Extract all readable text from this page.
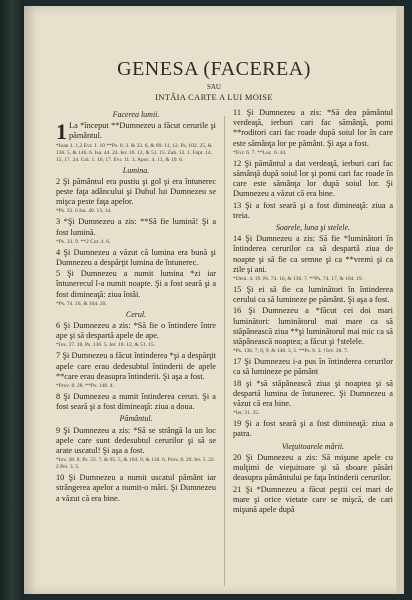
GENESA (FACEREA)
SAU
INTÂIA CARTE A LUI MOISE
Facerea lumii.

1 La *început **Dumnezeu a făcut cerurile şi pământul.

*Ioan 1. 1,2 Evr. 1. 10 **Ps. 8. 3. & 33. 6, & 89. 11, 12. Ps. 102. 25, & 136. 5, & 146. 6. Isa. 44. 24. Ier. 10. 12, & 51. 15. Zah. 12. 1. Fapt. 14. 15, 17. 24. Col. 1. 16, 17. Evr. 11. 3. Apoc. 4. 11, & 10. 6.
Lumina.

2 Şi pământul era pustiu şi gol şi era întunerec peste faţa adâncului şi Duhul lui Dumnezeu se mişca peste faţa apelor.

*Ps. 33. 6 Isa. 40. 13, 14.

3 *Şi Dumnezeu a zis: **Să fie lumină! Şi a fost lumină.

*Ps. 33. 9. **2 Cor. 4. 6.

4 Şi Dumnezeu a văzut că lumina era bună şi Dumnezeu a despărţit lumina de întunerec.

5 Şi Dumnezeu a numit lumina *zi iar întunerecul l-a numit noapte. Şi a fost seară şi a fost dimineaţă: ziua întâi.

*Ps. 74. 16, & 104. 20.
Cerul.

6 Şi Dumnezeu a zis: *Să fie o întindere între ape şi să despartă apele de ape.

*Iov. 37. 18. Ps. 136. 5. Ier. 10. 12, & 51. 15.

7 Şi Dumnezeu a făcut întinderea *şi a despărţit apele care erau dedesubtul întinderii de apele **care erau deasupra întinderii. Şi aşa a fost.

*Prov. 8. 28. **Ps. 148. 4.

8 Şi Dumnezeu a numit întinderea ceruri. Şi a fost seară şi a fost dimineaţă: ziua a doua.

Pământul.

9 Şi Dumnezeu a zis: *Să se strângă la un loc apele care sunt dedesubtul cerurilor şi să se arate uscatul! Şi aşa a fost.

*Iov. 38. 8. Ps. 33. 7, & 95. 5, & 104. 9, & 136. 6. Prov. 8. 29. Ier. 5. 22. 2 Pet. 3. 5.

10 Şi Dumnezeu a numit uscatul pământ iar strângerea apelor a numit-o mări. Şi Dumnezeu a văzut că era bine.

11 Şi Dumnezeu a zis: *Să dea pământul verdeaţă, ierburi cari fac sămânţă, pomi **roditori cari fac roade după soiul lor în care este sămânţa lor pe pământ. Şi aşa a fost.

*Evr. 6. 7. **Luc. 6. 44.

12 Şi pământul a dat verdeaţă, ierburi cari fac sămânţă după soiul lor şi pomi cari fac roade în care este sămânţa lor după soiul lor. Şi Dumnezeu a văzut că era bine.

13 Şi a fost seară şi a fost dimineaţă: ziua a treia.

Soarele, luna şi stelele.

14 Şi Dumnezeu a zis: Să fie *luminători în întinderea cerurilor ca să despartă ziua de noapte şi să fie ca semne şi ca **vremi şi ca zile şi ani.

*Deut. 4. 19. Ps. 74. 16, & 136. 7. **Ps. 74. 17, & 104. 19.

15 Şi ei să fie ca luminători în întinderea cerului ca să lumineze pe pământ. Şi aşa a fost.

16 Şi Dumnezeu a *făcut cei doi mari luminători: luminătorul mai mare ca să stăpânească ziua **şi luminătorul mai mic ca să stăpânească noaptea; a făcut şi †stelele.

*Ps. 136. 7, 8, 9, & 148. 3, 5. **Ps. 8. 3. †Iov. 38. 7.

17 Şi Dumnezeu i-a pus în întinderea cerurilor ca să lumineze pe pământ

18 şi *să stăpânească ziua şi noaptea şi să despartă lumina de întunerec. Şi Dumnezeu a văzut că era bine.

*Ier. 31. 35.

19 Şi a fost seară şi a fost dimineaţă: ziua a patra.

Vieţuitoarele mării.

20 Şi Dumnezeu a zis: Să mişune apele cu mulţimi de vieţuitoare şi să sboare păsări deasupra pământului pe faţa întinderii cerurilor.

21 Şi *Dumnezeu a făcut peştii cei mari de mare şi orice vietate care se mişcă, de cari mişună apele după
